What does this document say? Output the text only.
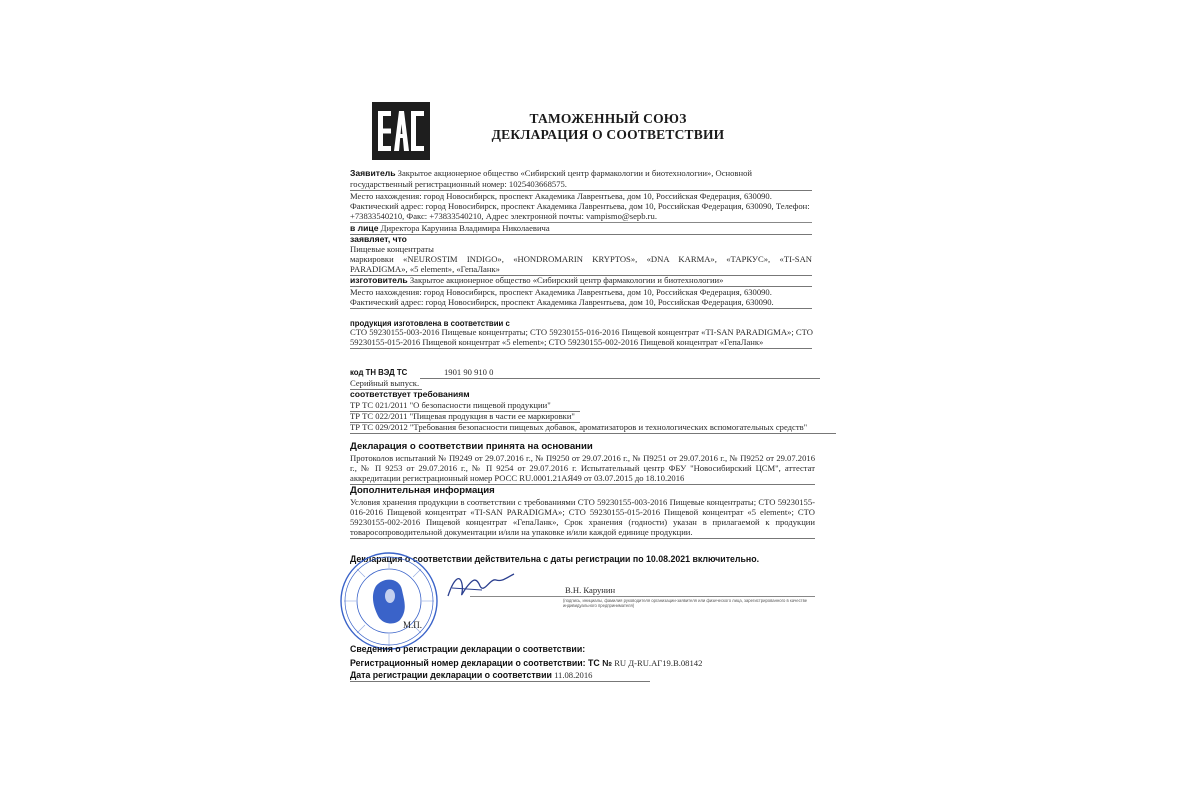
ТАМОЖЕННЫЙ СОЮЗ
ДЕКЛАРАЦИЯ О СООТВЕТСТВИИ
Заявитель Закрытое акционерное общество «Сибирский центр фармакологии и биотехнологии», Основной
государственный регистрационный номер: 1025403668575.
Место нахождения: город Новосибирск, проспект Академика Лаврентьева, дом 10, Российская Федерация, 630090.
Фактический адрес: город Новосибирск, проспект Академика Лаврентьева, дом 10, Российская Федерация, 630090, Телефон:
+73833540210, Факс: +73833540210, Адрес электронной почты: vampismo@sepb.ru.
в лице Директора Карунина Владимира Николаевича
заявляет, что
Пищевые концентраты
маркировки «NEUROSTIM INDIGO», «HONDROMARIN KRYPTOS», «DNA KARMA», «ТАРКУС», «TI-SAN
PARADIGMA», «5 element», «ГепаЛанк»
изготовитель Закрытое акционерное общество «Сибирский центр фармакологии и биотехнологии»
Место нахождения: город Новосибирск, проспект Академика Лаврентьева, дом 10, Российская Федерация, 630090.
Фактический адрес: город Новосибирск, проспект Академика Лаврентьева, дом 10, Российская Федерация, 630090.
продукция изготовлена в соответствии с
СТО 59230155-003-2016 Пищевые концентраты; СТО 59230155-016-2016 Пищевой концентрат «TI-SAN PARADIGMA»; СТО
59230155-015-2016 Пищевой концентрат «5 element»; СТО 59230155-002-2016 Пищевой концентрат «ГепаЛанк»
код ТН ВЭД ТС	1901 90 910 0
Серийный выпуск.
соответствует требованиям
ТР ТС 021/2011 "О безопасности пищевой продукции"
ТР ТС 022/2011 "Пищевая продукция в части ее маркировки"
ТР ТС 029/2012 "Требования безопасности пищевых добавок, ароматизаторов и технологических вспомогательных средств"
Декларация о соответствии принята на основании
Протоколов испытаний № П9249 от 29.07.2016 г., № П9250 от 29.07.2016 г., № П9251 от 29.07.2016 г., № П9252 от 29.07.2016
г., № П 9253 от 29.07.2016 г., № П 9254 от 29.07.2016 г. Испытательный центр ФБУ "Новосибирский ЦСМ", аттестат
аккредитации регистрационный номер РОСС RU.0001.21АЯ49 от 03.07.2015 до 18.10.2016
Дополнительная информация
Условия хранения продукции в соответствии с требованиями СТО 59230155-003-2016 Пищевые концентраты; СТО 59230155-
016-2016 Пищевой концентрат «TI-SAN PARADIGMA»; СТО 59230155-015-2016 Пищевой концентрат «5 element»; СТО
59230155-002-2016 Пищевой концентрат «ГепаЛанк», Срок хранения (годности) указан в прилагаемой к продукции
товаросопроводительной документации и/или на упаковке и/или каждой единице продукции.
Декларация о соответствии действительна с даты регистрации по 10.08.2021 включительно.
В.Н. Карунин
(подпись, инициалы, фамилия руководителя организации-заявителя или физического лица, зарегистрированного в качестве
индивидуального предпринимателя)
М.П.
Сведения о регистрации декларации о соответствии:
Регистрационный номер декларации о соответствии: ТС № RU Д-RU.АГ19.В.08142
Дата регистрации декларации о соответствии 11.08.2016
